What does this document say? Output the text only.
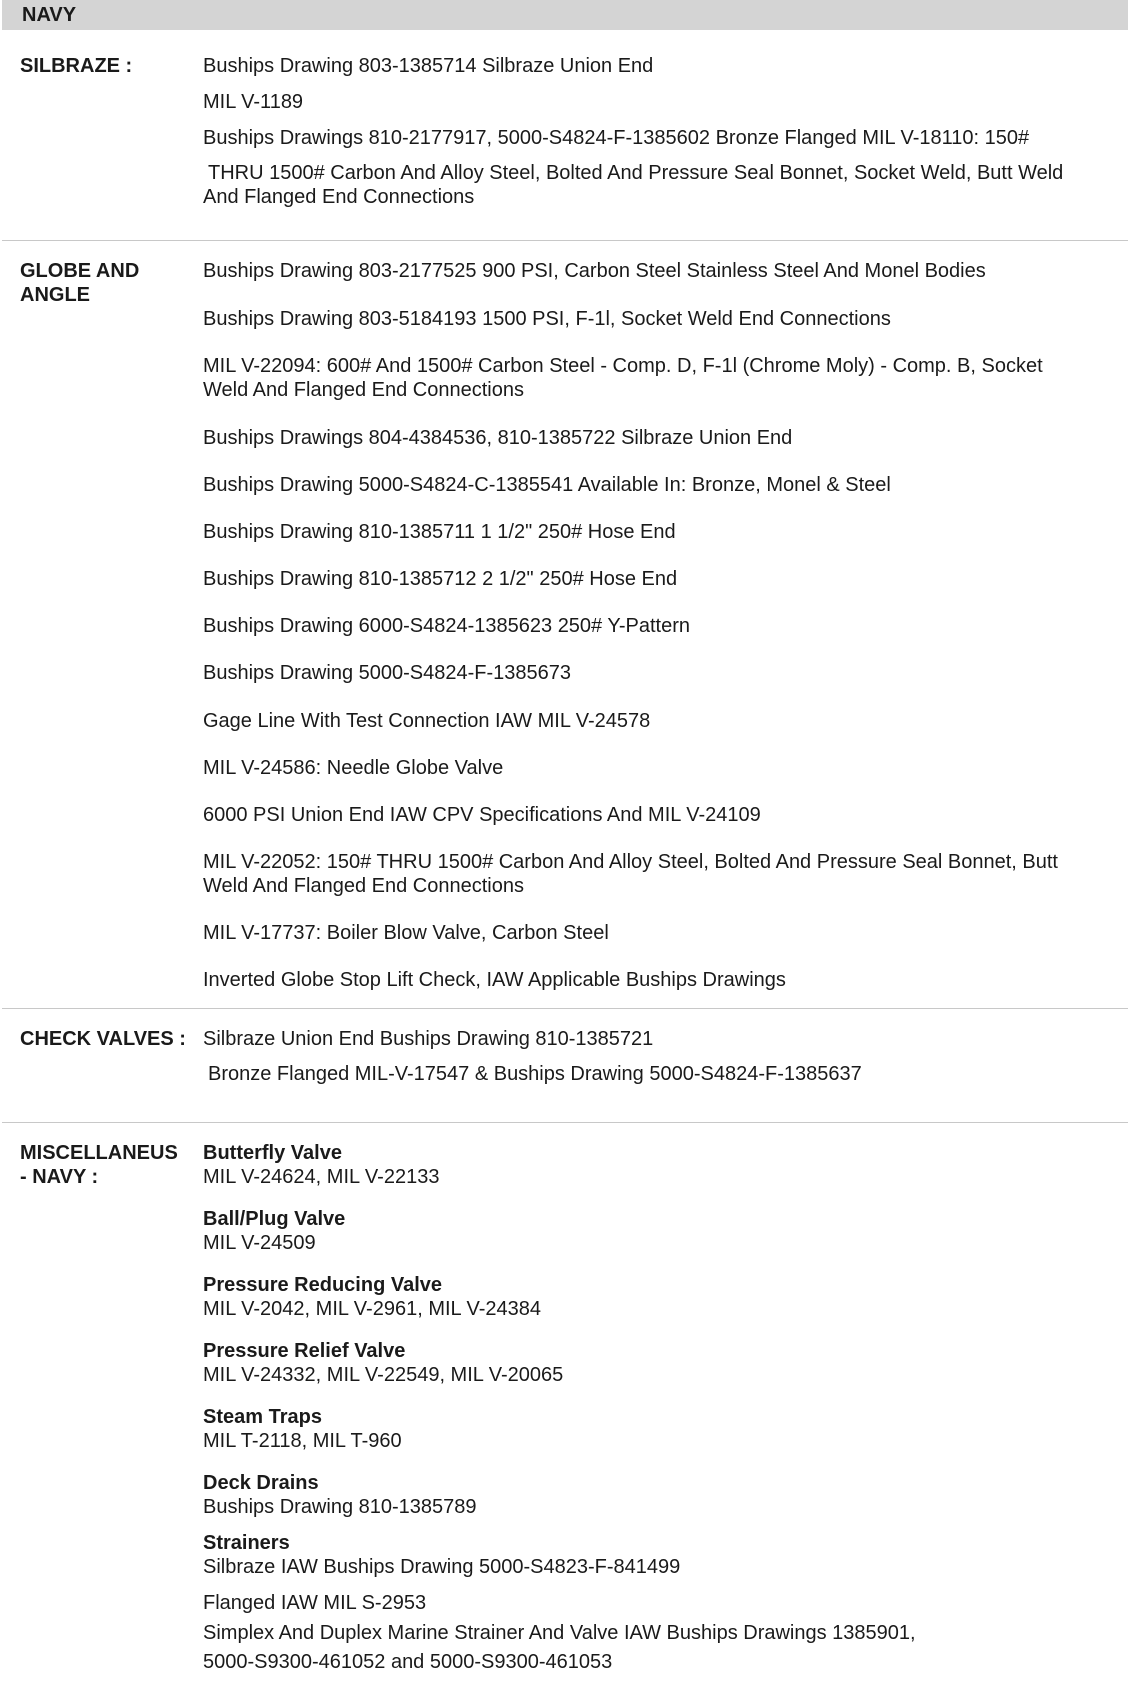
NAVY
SILBRAZE :	Buships Drawing 803-1385714 Silbraze Union End
MIL V-1189
Buships Drawings 810-2177917, 5000-S4824-F-1385602 Bronze Flanged MIL V-18110: 150#
THRU 1500# Carbon And Alloy Steel, Bolted And Pressure Seal Bonnet, Socket Weld, Butt Weld
And Flanged End Connections
GLOBE AND
ANGLE
Buships Drawing 803-2177525 900 PSI, Carbon Steel Stainless Steel And Monel Bodies
Buships Drawing 803-5184193 1500 PSI, F-1l, Socket Weld End Connections
MIL V-22094: 600# And 1500# Carbon Steel - Comp. D, F-1l (Chrome Moly) - Comp. B, Socket
Weld And Flanged End Connections
Buships Drawings 804-4384536, 810-1385722 Silbraze Union End
Buships Drawing 5000-S4824-C-1385541 Available In: Bronze, Monel & Steel
Buships Drawing 810-1385711 1 1/2" 250# Hose End
Buships Drawing 810-1385712 2 1/2" 250# Hose End
Buships Drawing 6000-S4824-1385623 250# Y-Pattern
Buships Drawing 5000-S4824-F-1385673
Gage Line With Test Connection IAW MIL V-24578
MIL V-24586: Needle Globe Valve
6000 PSI Union End IAW CPV Specifications And MIL V-24109
MIL V-22052: 150# THRU 1500# Carbon And Alloy Steel, Bolted And Pressure Seal Bonnet, Butt
Weld And Flanged End Connections
MIL V-17737: Boiler Blow Valve, Carbon Steel
Inverted Globe Stop Lift Check, IAW Applicable Buships Drawings
CHECK VALVES : Silbraze Union End Buships Drawing 810-1385721
Bronze Flanged MIL-V-17547 & Buships Drawing 5000-S4824-F-1385637
MISCELLANEUS
- NAVY :
Butterfly Valve
MIL V-24624, MIL V-22133
Ball/Plug Valve
MIL V-24509
Pressure Reducing Valve
MIL V-2042, MIL V-2961, MIL V-24384
Pressure Relief Valve
MIL V-24332, MIL V-22549, MIL V-20065
Steam Traps
MIL T-2118, MIL T-960
Deck Drains
Buships Drawing 810-1385789
Strainers
Silbraze IAW Buships Drawing 5000-S4823-F-841499
Flanged IAW MIL S-2953
Simplex And Duplex Marine Strainer And Valve IAW Buships Drawings 1385901,
5000-S9300-461052 and 5000-S9300-461053
